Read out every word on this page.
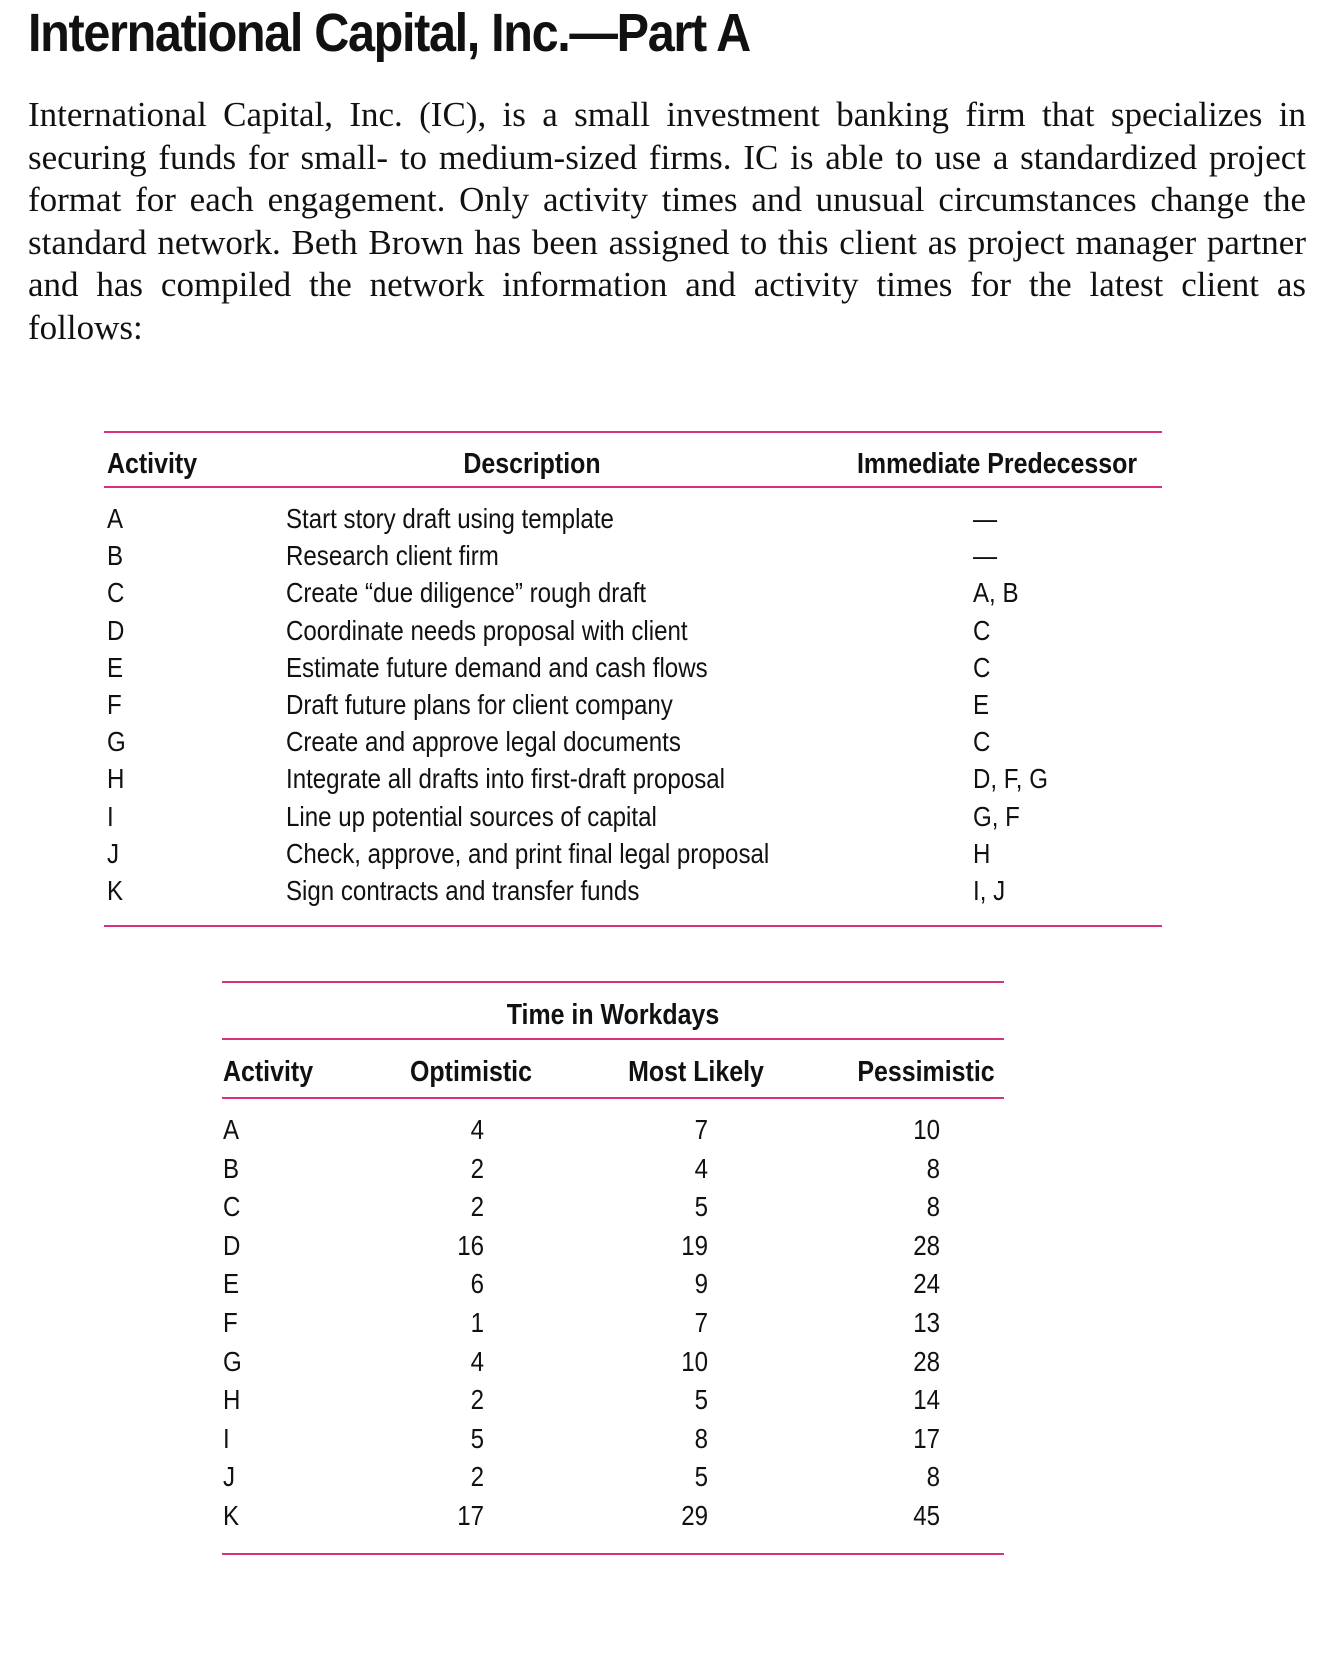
International Capital, Inc.—Part A

International Capital, Inc. (IC), is a small investment banking firm that specializes in securing funds for small- to medium-sized firms. IC is able to use a standardized project format for each engagement. Only activity times and unusual circumstances change the standard network. Beth Brown has been assigned to this client as project manager partner and has compiled the network information and activity times for the latest client as follows:

Activity	Description	Immediate Predecessor
A	Start story draft using template	—
B	Research client firm	—
C	Create “due diligence” rough draft	A, B
D	Coordinate needs proposal with client	C
E	Estimate future demand and cash flows	C
F	Draft future plans for client company	E
G	Create and approve legal documents	C
H	Integrate all drafts into first-draft proposal	D, F, G
I	Line up potential sources of capital	G, F
J	Check, approve, and print final legal proposal	H
K	Sign contracts and transfer funds	I, J
Time in Workdays
Activity	Optimistic	Most Likely	Pessimistic
A	4	7	10
B	2	4	8
C	2	5	8
D	16	19	28
E	6	9	24
F	1	7	13
G	4	10	28
H	2	5	14
I	5	8	17
J	2	5	8
K	17	29	45
